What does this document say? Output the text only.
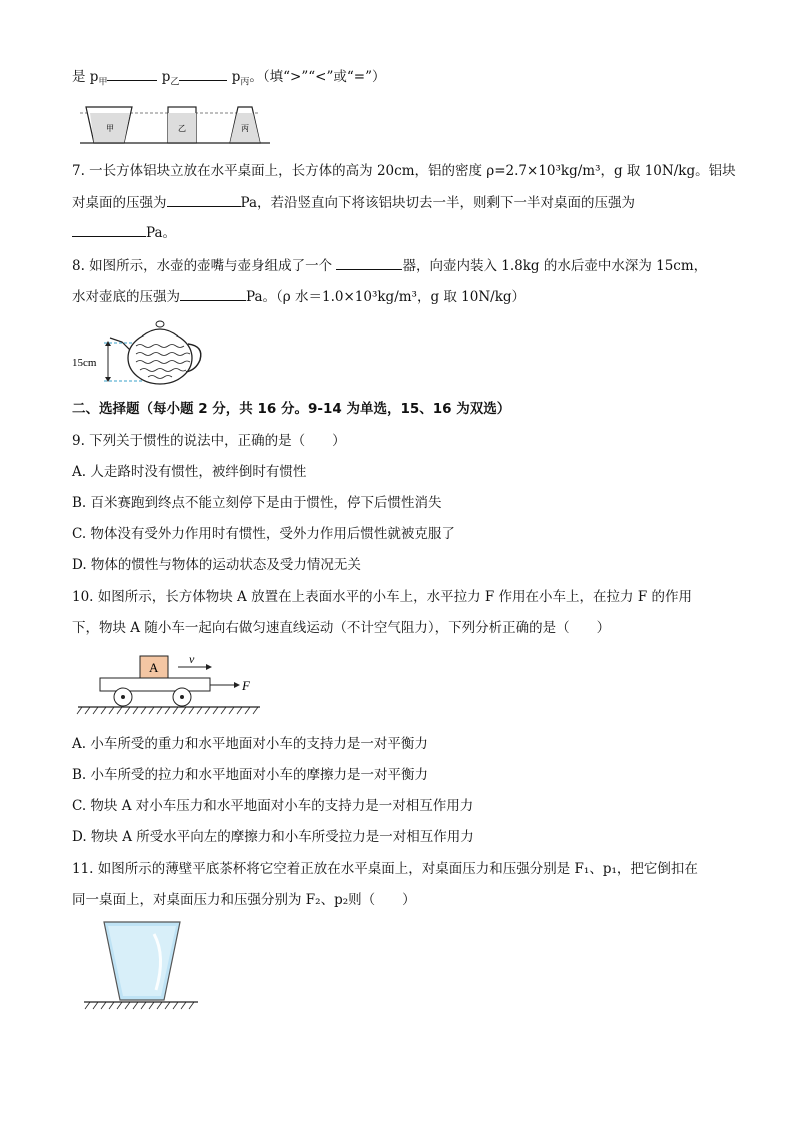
是 $p_甲$	$p_乙$	$p_丙$。（填“>”“<”或“=”）
甲	乙	丙
7. 一长方体铝块立放在水平桌面上，长方体的高为 20cm，铝的密度 ρ=2.7×10³kg/m³，g 取 10N/kg。铝块
对桌面的压强为	Pa，若沿竖直向下将该铝块切去一半，则剩下一半对桌面的压强为
Pa。
8. 如图所示，水壶的壶嘴与壶身组成了一个	器，向壶内装入 1.8kg 的水后壶中水深为 15cm，
水对壶底的压强为	Pa。（ρ 水＝1.0×10³kg/m³，g 取 10N/kg）
15cm
二、选择题（每小题 2 分，共 16 分。9-14 为单选，15、16 为双选）
9. 下列关于惯性的说法中，正确的是（　　）
A. 人走路时没有惯性，被绊倒时有惯性
B. 百米赛跑到终点不能立刻停下是由于惯性，停下后惯性消失
C. 物体没有受外力作用时有惯性，受外力作用后惯性就被克服了
D. 物体的惯性与物体的运动状态及受力情况无关
10. 如图所示，长方体物块 A 放置在上表面水平的小车上，水平拉力 F 作用在小车上，在拉力 F 的作用
下，物块 A 随小车一起向右做匀速直线运动（不计空气阻力），下列分析正确的是（　　）
A
v
F
A. 小车所受的重力和水平地面对小车的支持力是一对平衡力
B. 小车所受的拉力和水平地面对小车的摩擦力是一对平衡力
C. 物块 A 对小车压力和水平地面对小车的支持力是一对相互作用力
D. 物块 A 所受水平向左的摩擦力和小车所受拉力是一对相互作用力
11. 如图所示的薄壁平底茶杯将它空着正放在水平桌面上，对桌面压力和压强分别是 F₁、p₁，把它倒扣在
同一桌面上，对桌面压力和压强分别为 F₂、p₂则（　　）
